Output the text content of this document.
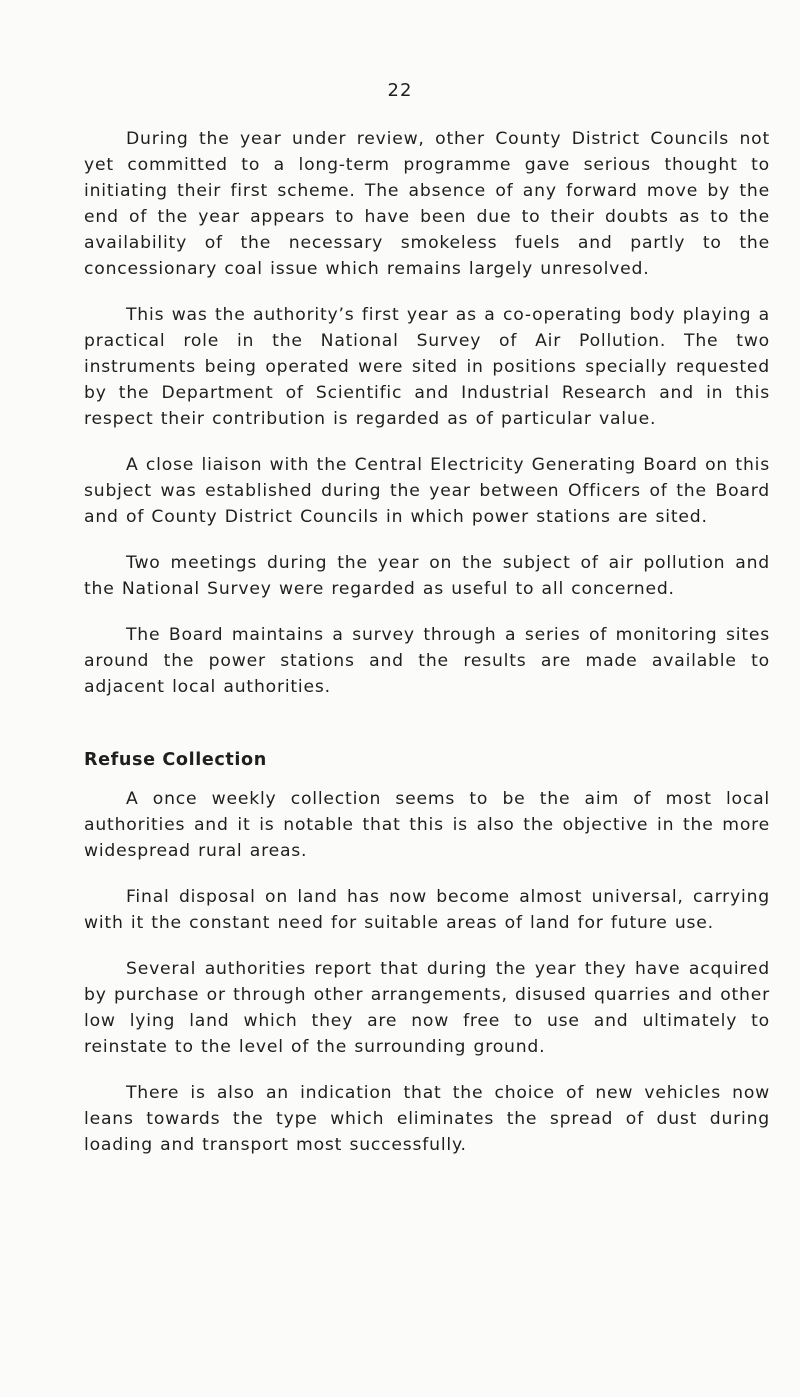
22

During the year under review, other County District Councils not yet committed to a long-term programme gave serious thought to initiating their first scheme. The absence of any forward move by the end of the year appears to have been due to their doubts as to the availability of the necessary smokeless fuels and partly to the concessionary coal issue which remains largely unresolved.

This was the authority’s first year as a co-operating body playing a practical role in the National Survey of Air Pollution. The two instruments being operated were sited in positions specially requested by the Department of Scientific and Industrial Research and in this respect their contribution is regarded as of particular value.

A close liaison with the Central Electricity Generating Board on this subject was established during the year between Officers of the Board and of County District Councils in which power stations are sited.

Two meetings during the year on the subject of air pollution and the National Survey were regarded as useful to all concerned.

The Board maintains a survey through a series of monitoring sites around the power stations and the results are made available to adjacent local authorities.

Refuse Collection

A once weekly collection seems to be the aim of most local authorities and it is notable that this is also the objective in the more widespread rural areas.

Final disposal on land has now become almost universal, carrying with it the constant need for suitable areas of land for future use.

Several authorities report that during the year they have acquired by purchase or through other arrangements, disused quarries and other low lying land which they are now free to use and ultimately to reinstate to the level of the surrounding ground.

There is also an indication that the choice of new vehicles now leans towards the type which eliminates the spread of dust during loading and transport most successfully.
